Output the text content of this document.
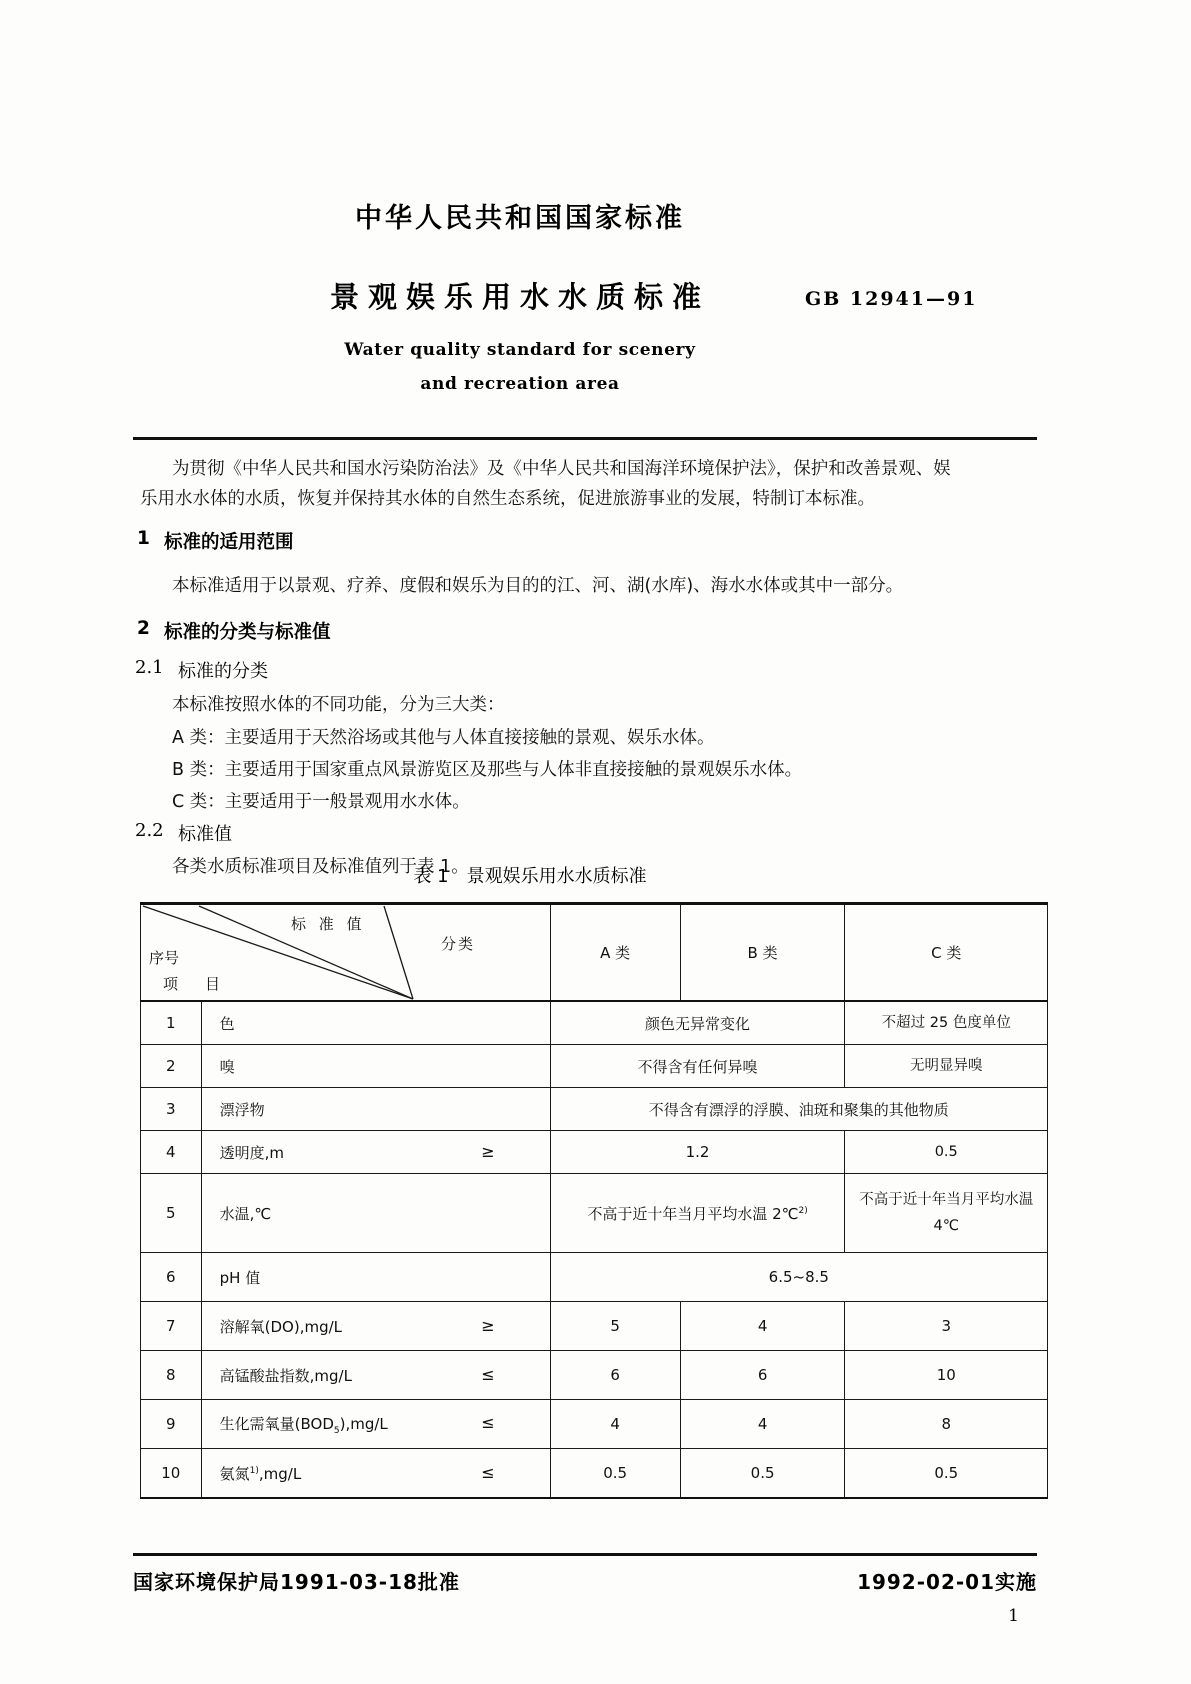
中华人民共和国国家标准
景观娱乐用水水质标准	GB 12941—91
Water quality standard for scenery
and recreation area
为贯彻《中华人民共和国水污染防治法》及《中华人民共和国海洋环境保护法》，保护和改善景观、娱
乐用水水体的水质，恢复并保持其水体的自然生态系统，促进旅游事业的发展，特制订本标准。
1 标准的适用范围
本标准适用于以景观、疗养、度假和娱乐为目的的江、河、湖(水库)、海水水体或其中一部分。
2 标准的分类与标准值
2.1 标准的分类
本标准按照水体的不同功能，分为三大类：
A 类：主要适用于天然浴场或其他与人体直接接触的景观、娱乐水体。
B 类：主要适用于国家重点风景游览区及那些与人体非直接接触的景观娱乐水体。
C 类：主要适用于一般景观用水水体。
2.2 标准值
各类水质标准项目及标准值列于表 1。
表 1　景观娱乐用水水质标准
标 准 值
分类
序号
项　目		A 类	B 类	C 类
1	色	颜色无异常变化		不超过 25 色度单位
2	嗅	不得含有任何异嗅		无明显异嗅
3	漂浮物	不得含有漂浮的浮膜、油斑和聚集的其他物质		
4	透明度,m ≥	1.2		0.5
5	水温,℃	不高于近十年当月平均水温 2℃$^{2)}$		不高于近十年当月平均水温 4℃
6	pH 值	6.5~8.5		
7	溶解氧(DO),mg/L ≥	5	4	3
8	高锰酸盐指数,mg/L ≤	6	6	10
9	生化需氧量$(BOD_5),mg/L$ ≤	4	4	8
10	氨氮$^{1)}$,mg/L ≤	0.5	0.5	0.5
国家环境保护局1991-03-18批准	1992-02-01实施
1
